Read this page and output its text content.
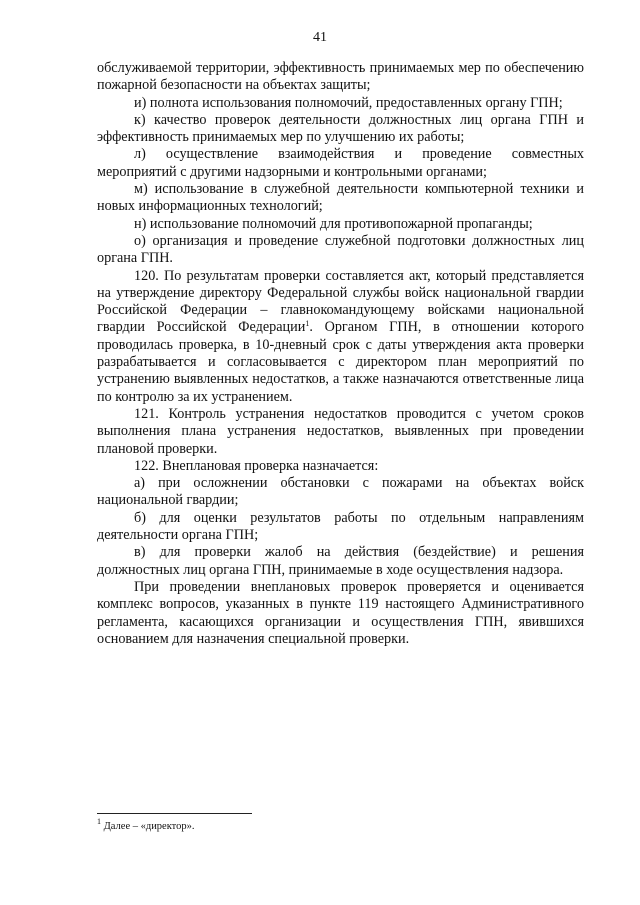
41

обслуживаемой территории, эффективность принимаемых мер по обеспечению пожарной безопасности на объектах защиты;

и) полнота использования полномочий, предоставленных органу ГПН;

к) качество проверок деятельности должностных лиц органа ГПН и эффективность принимаемых мер по улучшению их работы;

л) осуществление взаимодействия и проведение совместных мероприятий с другими надзорными и контрольными органами;

м) использование в служебной деятельности компьютерной техники и новых информационных технологий;

н) использование полномочий для противопожарной пропаганды;

о) организация и проведение служебной подготовки должностных лиц органа ГПН.

120. По результатам проверки составляется акт, который представляется на утверждение директору Федеральной службы войск национальной гвардии Российской Федерации – главнокомандующему войсками национальной гвардии Российской Федерации$^1$. Органом ГПН, в отношении которого проводилась проверка, в 10-дневный срок с даты утверждения акта проверки разрабатывается и согласовывается с директором план мероприятий по устранению выявленных недостатков, а также назначаются ответственные лица по контролю за их устранением.

121. Контроль устранения недостатков проводится с учетом сроков выполнения плана устранения недостатков, выявленных при проведении плановой проверки.

122. Внеплановая проверка назначается:

а) при осложнении обстановки с пожарами на объектах войск национальной гвардии;

б) для оценки результатов работы по отдельным направлениям деятельности органа ГПН;

в) для проверки жалоб на действия (бездействие) и решения должностных лиц органа ГПН, принимаемые в ходе осуществления надзора.

При проведении внеплановых проверок проверяется и оценивается комплекс вопросов, указанных в пункте 119 настоящего Административного регламента, касающихся организации и осуществления ГПН, явившихся основанием для назначения специальной проверки.

$^1$ Далее – «директор».
